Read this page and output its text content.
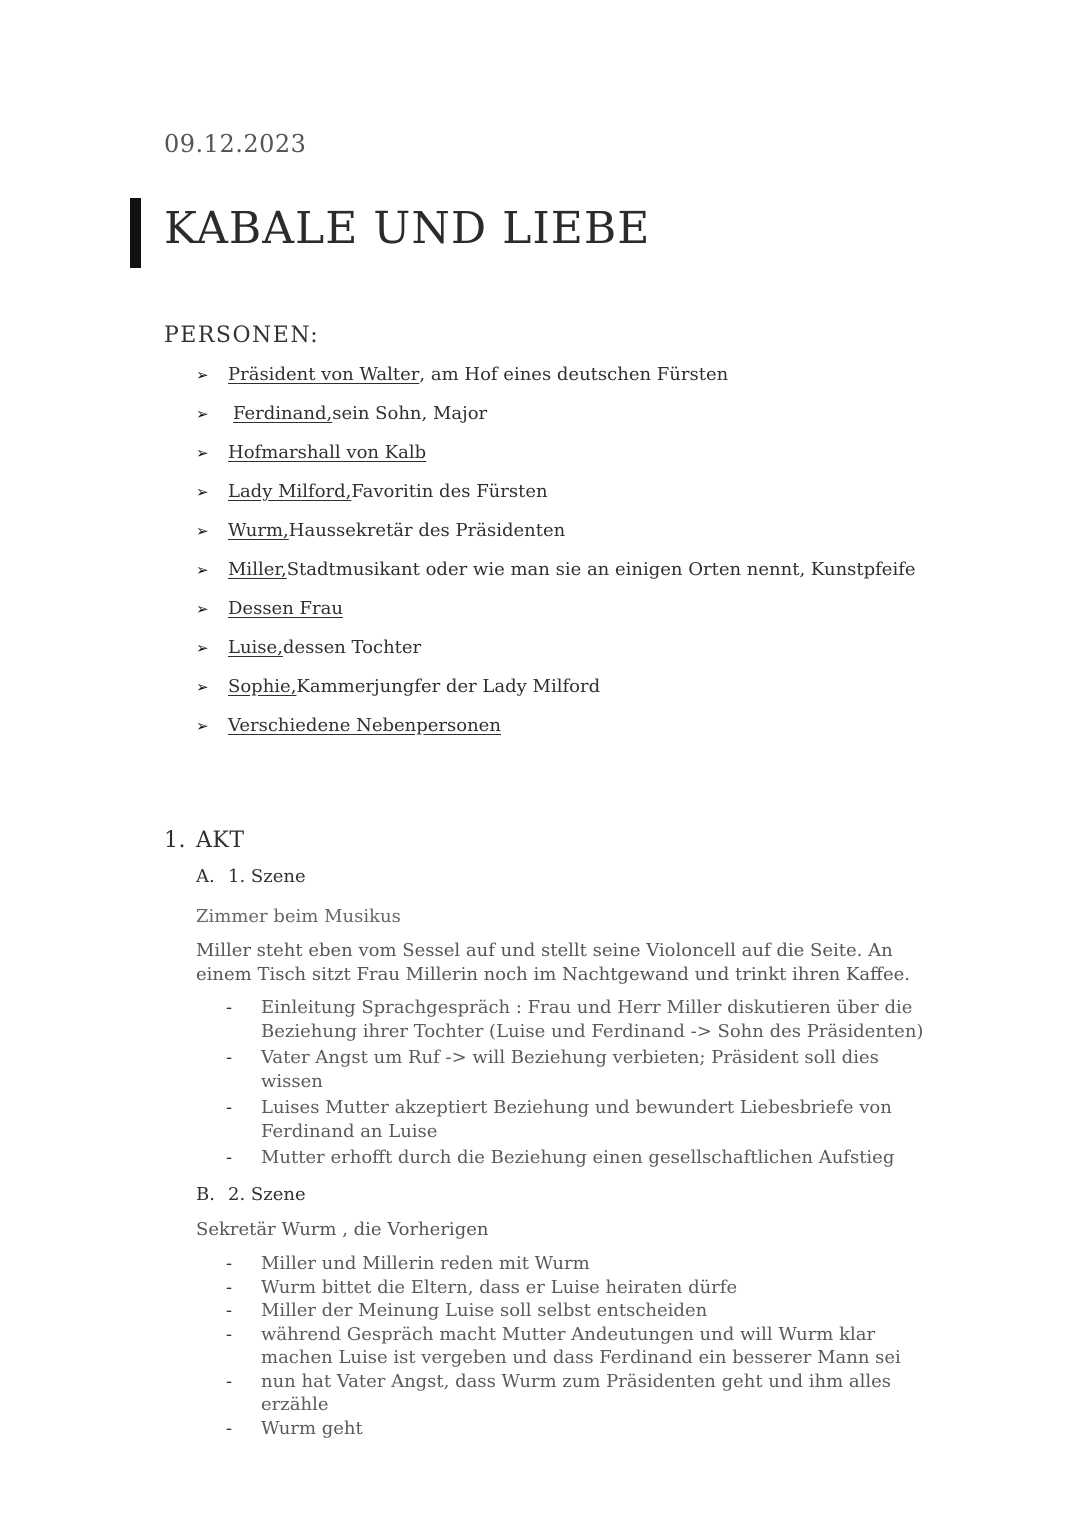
09.12.2023
KABALE UND LIEBE
PERSONEN:
➢	Präsident von Walter , am Hof eines deutschen Fürsten
➢	Ferdinand, sein Sohn, Major
➢	Hofmarshall von Kalb
➢	Lady Milford, Favoritin des Fürsten
➢	Wurm, Haussekretär des Präsidenten
➢	Miller, Stadtmusikant oder wie man sie an einigen Orten nennt, Kunstpfeife
➢	Dessen Frau
➢	Luise, dessen Tochter
➢	Sophie, Kammerjungfer der Lady Milford
➢	Verschiedene Nebenpersonen
1. AKT
A. 1. Szene

Zimmer beim Musikus

Miller steht eben vom Sessel auf und stellt seine Violoncell auf die Seite. An einem Tisch sitzt Frau Millerin noch im Nachtgewand und trinkt ihren Kaffee.

-	Einleitung Sprachgespräch : Frau und Herr Miller diskutieren über die Beziehung ihrer Tochter (Luise und Ferdinand -> Sohn des Präsidenten)
-	Vater Angst um Ruf -> will Beziehung verbieten; Präsident soll dies wissen
-	Luises Mutter akzeptiert Beziehung und bewundert Liebesbriefe von Ferdinand an Luise
-	Mutter erhofft durch die Beziehung einen gesellschaftlichen Aufstieg
B. 2. Szene

Sekretär Wurm , die Vorherigen

-	Miller und Millerin reden mit Wurm
-	Wurm bittet die Eltern, dass er Luise heiraten dürfe
-	Miller der Meinung Luise soll selbst entscheiden
-	während Gespräch macht Mutter Andeutungen und will Wurm klar machen Luise ist vergeben und dass Ferdinand ein besserer Mann sei
-	nun hat Vater Angst, dass Wurm zum Präsidenten geht und ihm alles erzähle
-	Wurm geht
